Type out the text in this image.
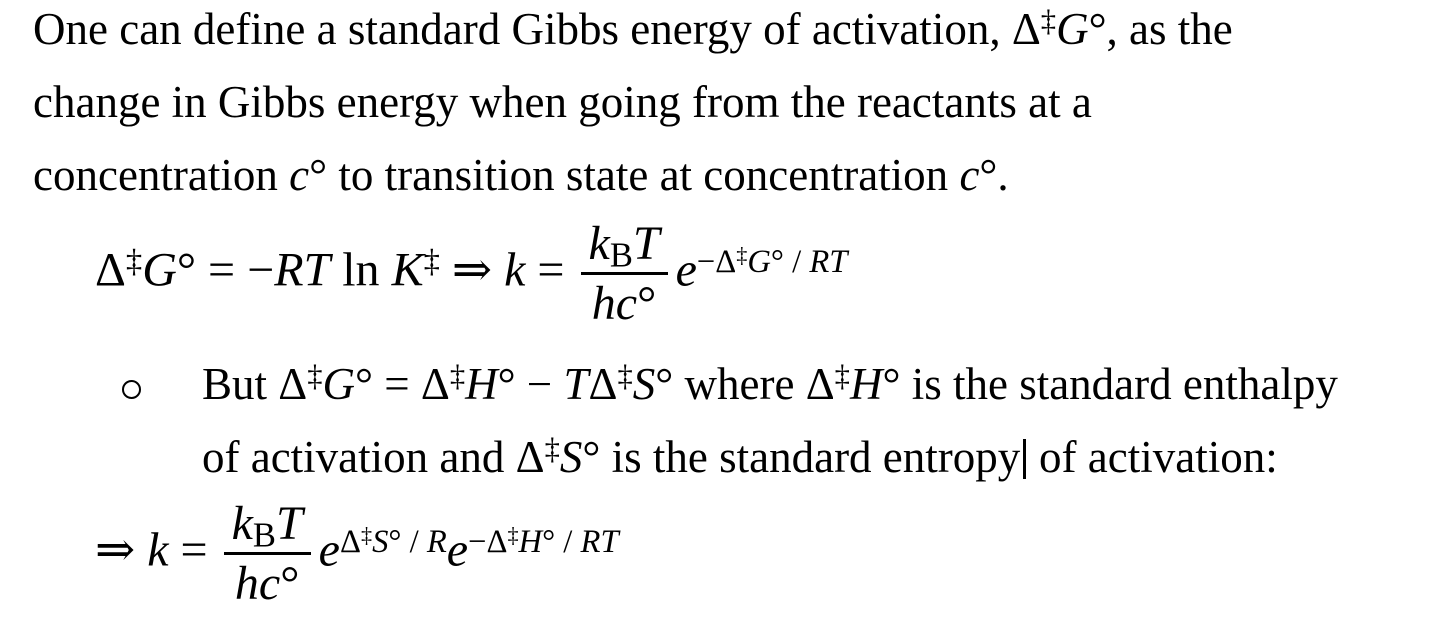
One can define a standard Gibbs energy of activation, Δ‡G°, as the
change in Gibbs energy when going from the reactants at a
concentration c° to transition state at concentration c°.
Δ‡G° = −RT ln K‡ ⇒ $k = \frac{k_BT}{hc^\circ} e^{-\Delta^\ddagger G^\circ / RT}$
But Δ‡G° = Δ‡H° − TΔ‡S° where Δ‡H° is the standard enthalpy
of activation and Δ‡S° is the standard entropy of activation:
⇒ $k = \frac{k_BT}{hc^\circ} e^{\Delta^\ddagger S^\circ / R}e^{-\Delta^\ddagger H^\circ / RT}$
